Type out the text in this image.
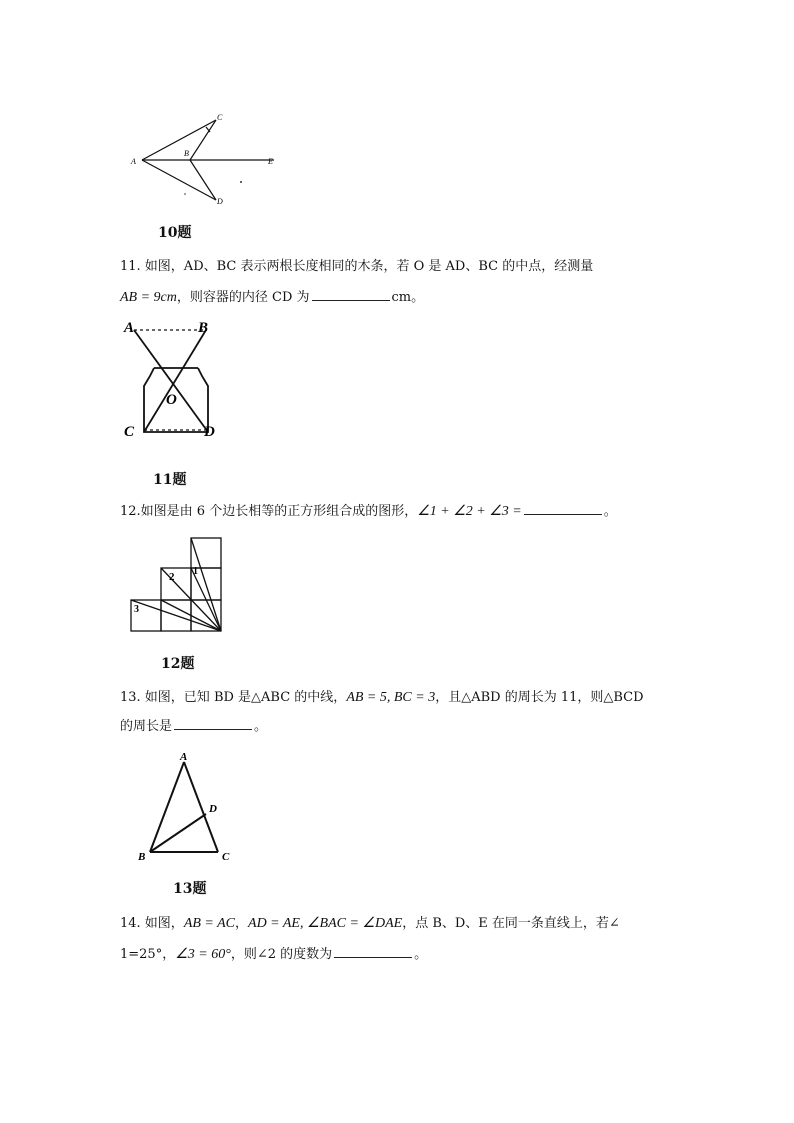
A
B
C
D
E
10题
11. 如图，AD、BC 表示两根长度相同的木条，若 O 是 AD、BC 的中点，经测量
AB = 9cm，则容器的内径 CD 为	cm。
A	B
O
C	D
11题
12.如图是由 6 个边长相等的正方形组合成的图形，∠1 + ∠2 + ∠3 =	。
1
2
3
12题
13. 如图，已知 BD 是△ABC 的中线，AB = 5, BC = 3，且△ABD 的周长为 11，则△BCD
的周长是	。
A
B	C
D
13题
14. 如图，AB = AC，AD = AE, ∠BAC = ∠DAE，点 B、D、E 在同一条直线上，若∠
1=25°，∠3 = 60°，则∠2 的度数为	。
